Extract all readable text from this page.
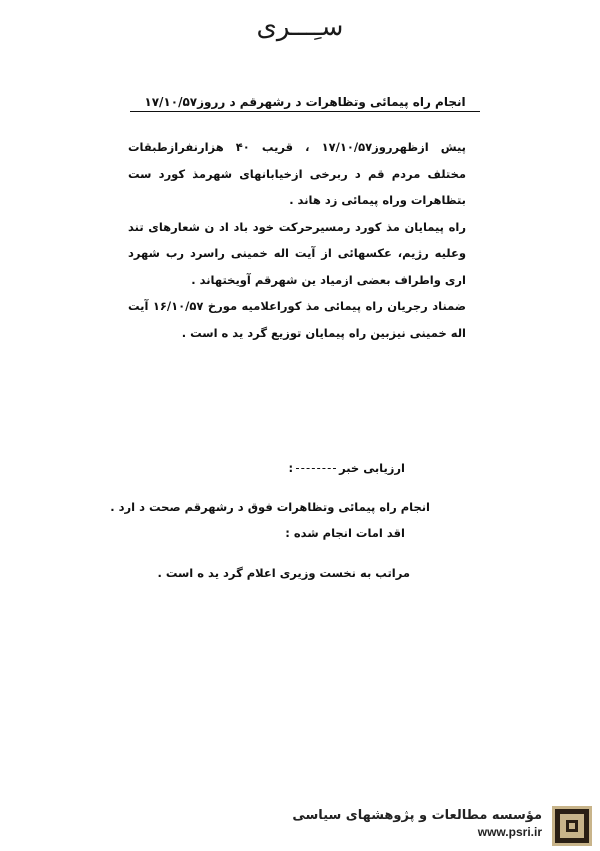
سـِـــری
انجام راه پیمائی وتظاهرات د رشهرقم د رروز۱۷/۱۰/۵۷

پیش ازظهرروز۱۷/۱۰/۵۷ ، قریب ۴۰ هزارنفرازطبقات مختلف مردم قم د ربرخی ازخیابانهای شهرمذ کورد ست بتظاهرات وراه پیمائی زد هاند .

راه پیمایان مذ کورد رمسیرحرکت خود باد اد ن شعارهای تند وعلیه رژیم، عکسهائی از آیت اله خمینی راسرد رب شهرد اری واطراف بعضی ازمیاد ین شهرقم آویختهاند .

ضمناد رجریان راه پیمائی مذ کوراعلامیه مورخ ۱۶/۱۰/۵۷ آیت اله خمینی نیزبین راه پیمایان توزیع گرد ید ه است .

ارزیابی خبر:
انجام راه پیمائی وتظاهرات فوق د رشهرقم صحت د ارد .
اقد امات انجام شده :
مراتب به نخست وزیری اعلام گرد ید ه است .
مؤسسه مطالعات و پژوهشهای سیاسی
www.psri.ir
